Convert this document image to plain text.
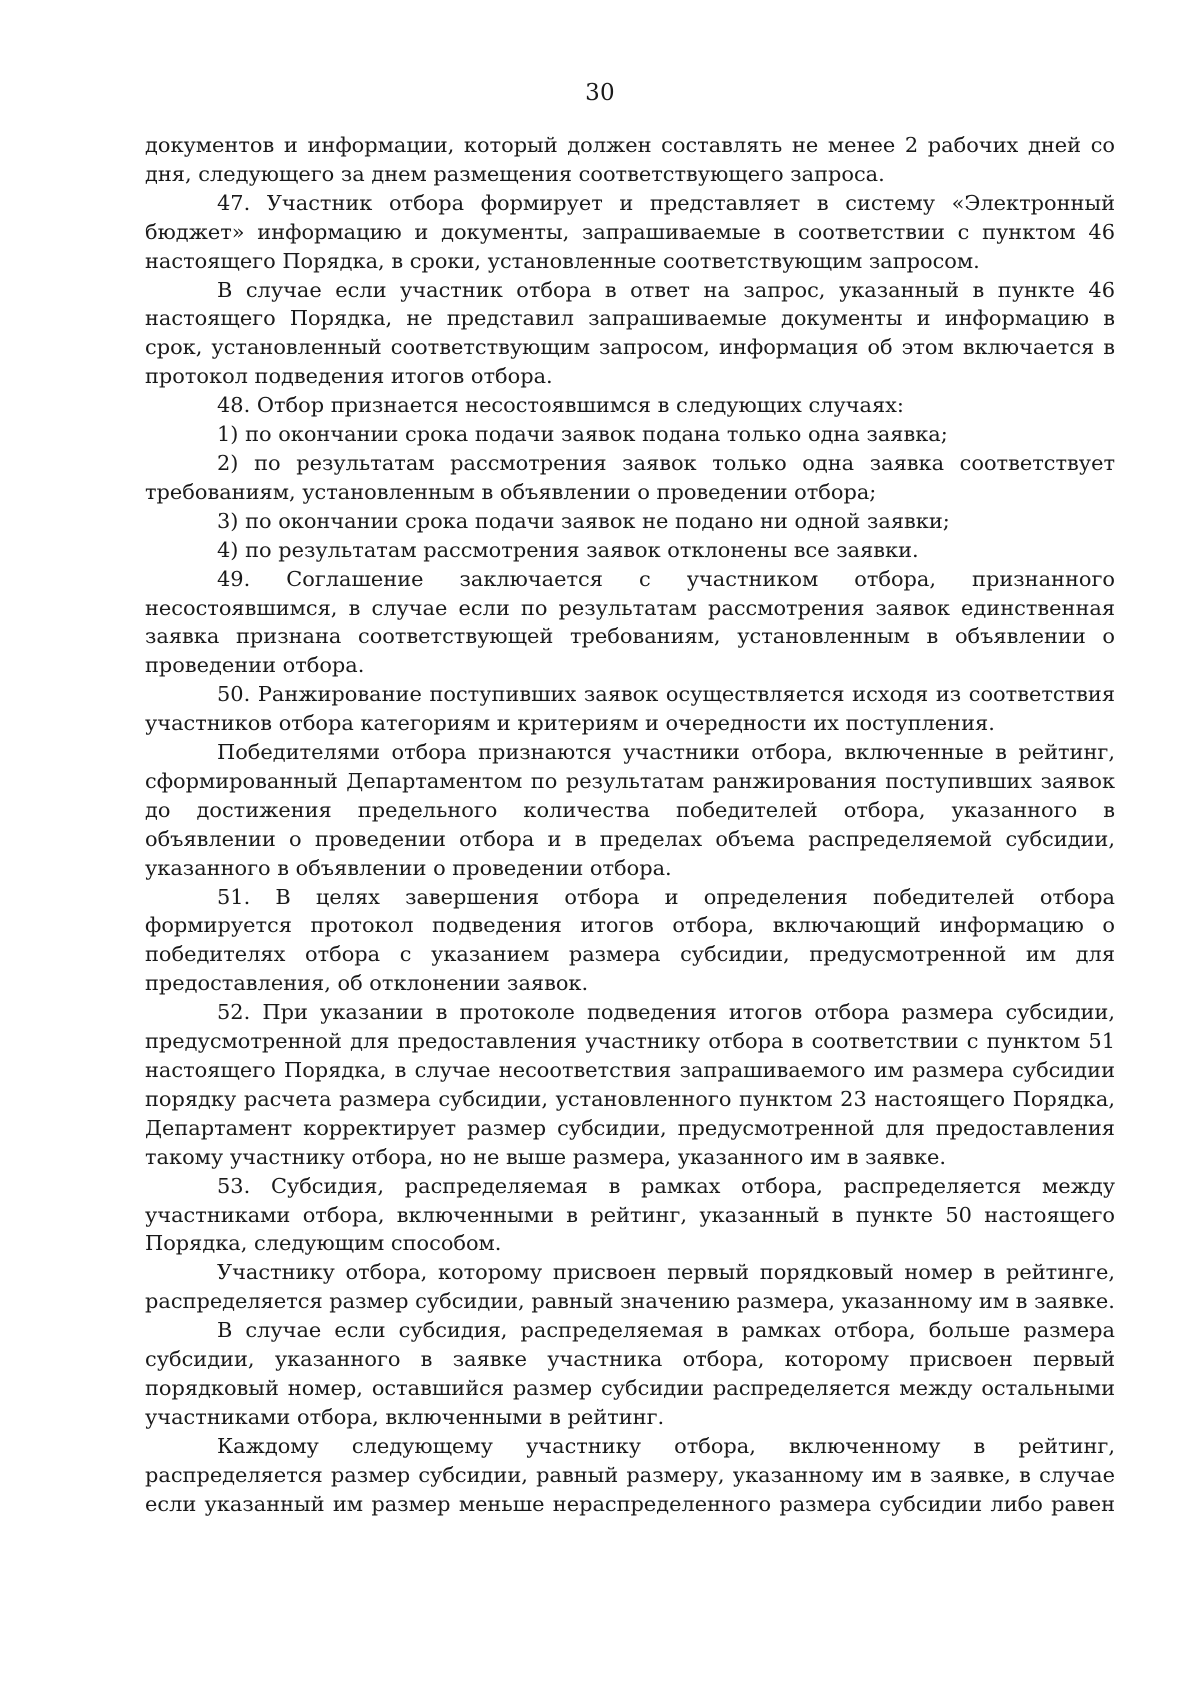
30

документов и информации, который должен составлять не менее 2 рабочих дней со дня, следующего за днем размещения соответствующего запроса.

47. Участник отбора формирует и представляет в систему «Электронный бюджет» информацию и документы, запрашиваемые в соответствии с пунктом 46 настоящего Порядка, в сроки, установленные соответствующим запросом.

В случае если участник отбора в ответ на запрос, указанный в пункте 46 настоящего Порядка, не представил запрашиваемые документы и информацию в срок, установленный соответствующим запросом, информация об этом включается в протокол подведения итогов отбора.

48. Отбор признается несостоявшимся в следующих случаях:

1) по окончании срока подачи заявок подана только одна заявка;

2) по результатам рассмотрения заявок только одна заявка соответствует требованиям, установленным в объявлении о проведении отбора;

3) по окончании срока подачи заявок не подано ни одной заявки;

4) по результатам рассмотрения заявок отклонены все заявки.

49. Соглашение заключается с участником отбора, признанного несостоявшимся, в случае если по результатам рассмотрения заявок единственная заявка признана соответствующей требованиям, установленным в объявлении о проведении отбора.

50. Ранжирование поступивших заявок осуществляется исходя из соответствия участников отбора категориям и критериям и очередности их поступления.

Победителями отбора признаются участники отбора, включенные в рейтинг, сформированный Департаментом по результатам ранжирования поступивших заявок до достижения предельного количества победителей отбора, указанного в объявлении о проведении отбора и в пределах объема распределяемой субсидии, указанного в объявлении о проведении отбора.

51. В целях завершения отбора и определения победителей отбора формируется протокол подведения итогов отбора, включающий информацию о победителях отбора с указанием размера субсидии, предусмотренной им для предоставления, об отклонении заявок.

52. При указании в протоколе подведения итогов отбора размера субсидии, предусмотренной для предоставления участнику отбора в соответствии с пунктом 51 настоящего Порядка, в случае несоответствия запрашиваемого им размера субсидии порядку расчета размера субсидии, установленного пунктом 23 настоящего Порядка, Департамент корректирует размер субсидии, предусмотренной для предоставления такому участнику отбора, но не выше размера, указанного им в заявке.

53. Субсидия, распределяемая в рамках отбора, распределяется между участниками отбора, включенными в рейтинг, указанный в пункте 50 настоящего Порядка, следующим способом.

Участнику отбора, которому присвоен первый порядковый номер в рейтинге, распределяется размер субсидии, равный значению размера, указанному им в заявке.

В случае если субсидия, распределяемая в рамках отбора, больше размера субсидии, указанного в заявке участника отбора, которому присвоен первый порядковый номер, оставшийся размер субсидии распределяется между остальными участниками отбора, включенными в рейтинг.

Каждому следующему участнику отбора, включенному в рейтинг, распределяется размер субсидии, равный размеру, указанному им в заявке, в случае если указанный им размер меньше нераспределенного размера субсидии либо равен
